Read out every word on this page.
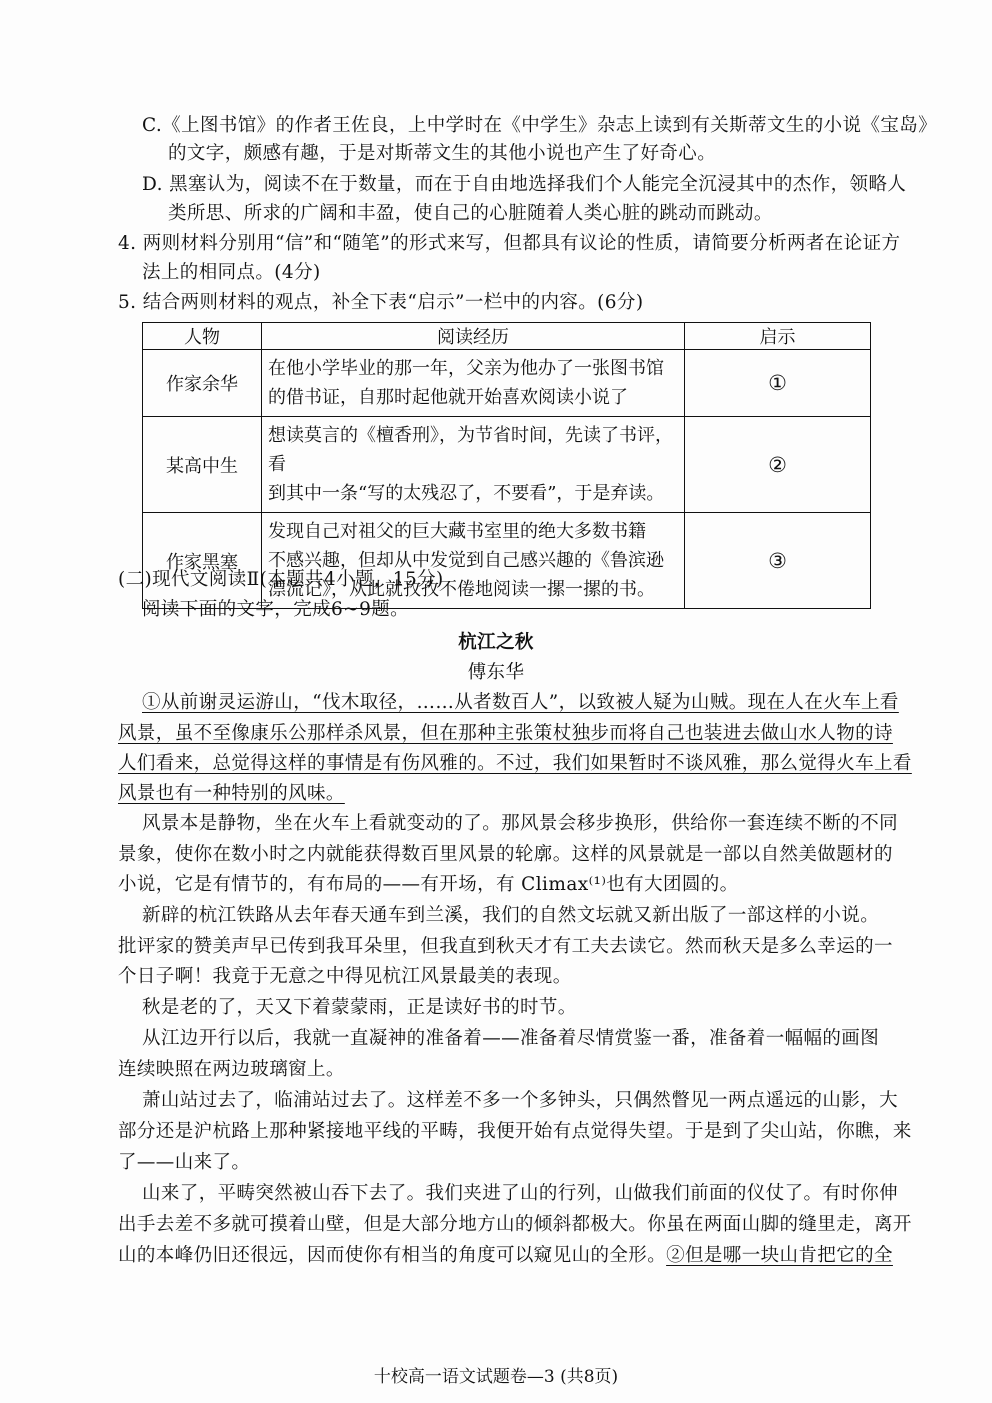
C.《上图书馆》的作者王佐良，上中学时在《中学生》杂志上读到有关斯蒂文生的小说《宝岛》
的文字，颇感有趣，于是对斯蒂文生的其他小说也产生了好奇心。
D. 黑塞认为，阅读不在于数量，而在于自由地选择我们个人能完全沉浸其中的杰作，领略人
类所思、所求的广阔和丰盈，使自己的心脏随着人类心脏的跳动而跳动。
4. 两则材料分别用“信”和“随笔”的形式来写，但都具有议论的性质，请简要分析两者在论证方
法上的相同点。(4分)
5. 结合两则材料的观点，补全下表“启示”一栏中的内容。(6分)
人物	阅读经历	启示
作家余华	在他小学毕业的那一年，父亲为他办了一张图书馆
的借书证，自那时起他就开始喜欢阅读小说了	①
某高中生	想读莫言的《檀香刑》，为节省时间，先读了书评，看
到其中一条“写的太残忍了，不要看”，于是弃读。	②
作家黑塞	发现自己对祖父的巨大藏书室里的绝大多数书籍
不感兴趣，但却从中发觉到自己感兴趣的《鲁滨逊
漂流记》，从此就孜孜不倦地阅读一摞一摞的书。	③
(二)现代文阅读Ⅱ(本题共4小题，15分)
阅读下面的文字，完成6~9题。
杭江之秋
傅东华
①从前谢灵运游山，“伐木取径，……从者数百人”，以致被人疑为山贼。现在人在火车上看
风景，虽不至像康乐公那样杀风景，但在那种主张策杖独步而将自己也装进去做山水人物的诗
人们看来，总觉得这样的事情是有伤风雅的。不过，我们如果暂时不谈风雅，那么觉得火车上看
风景也有一种特别的风味。
风景本是静物，坐在火车上看就变动的了。那风景会移步换形，供给你一套连续不断的不同
景象，使你在数小时之内就能获得数百里风景的轮廓。这样的风景就是一部以自然美做题材的
小说，它是有情节的，有布局的——有开场，有 Climax⁽¹⁾也有大团圆的。
新辟的杭江铁路从去年春天通车到兰溪，我们的自然文坛就又新出版了一部这样的小说。
批评家的赞美声早已传到我耳朵里，但我直到秋天才有工夫去读它。然而秋天是多么幸运的一
个日子啊！我竟于无意之中得见杭江风景最美的表现。
秋是老的了，天又下着蒙蒙雨，正是读好书的时节。
从江边开行以后，我就一直凝神的准备着——准备着尽情赏鉴一番，准备着一幅幅的画图
连续映照在两边玻璃窗上。
萧山站过去了，临浦站过去了。这样差不多一个多钟头，只偶然瞥见一两点遥远的山影，大
部分还是沪杭路上那种紧接地平线的平畴，我便开始有点觉得失望。于是到了尖山站，你瞧，来
了——山来了。
山来了，平畴突然被山吞下去了。我们夹进了山的行列，山做我们前面的仪仗了。有时你伸
出手去差不多就可摸着山壁，但是大部分地方山的倾斜都极大。你虽在两面山脚的缝里走，离开
山的本峰仍旧还很远，因而使你有相当的角度可以窥见山的全形。②但是哪一块山肯把它的全
十校高一语文试题卷—3 (共8页)
